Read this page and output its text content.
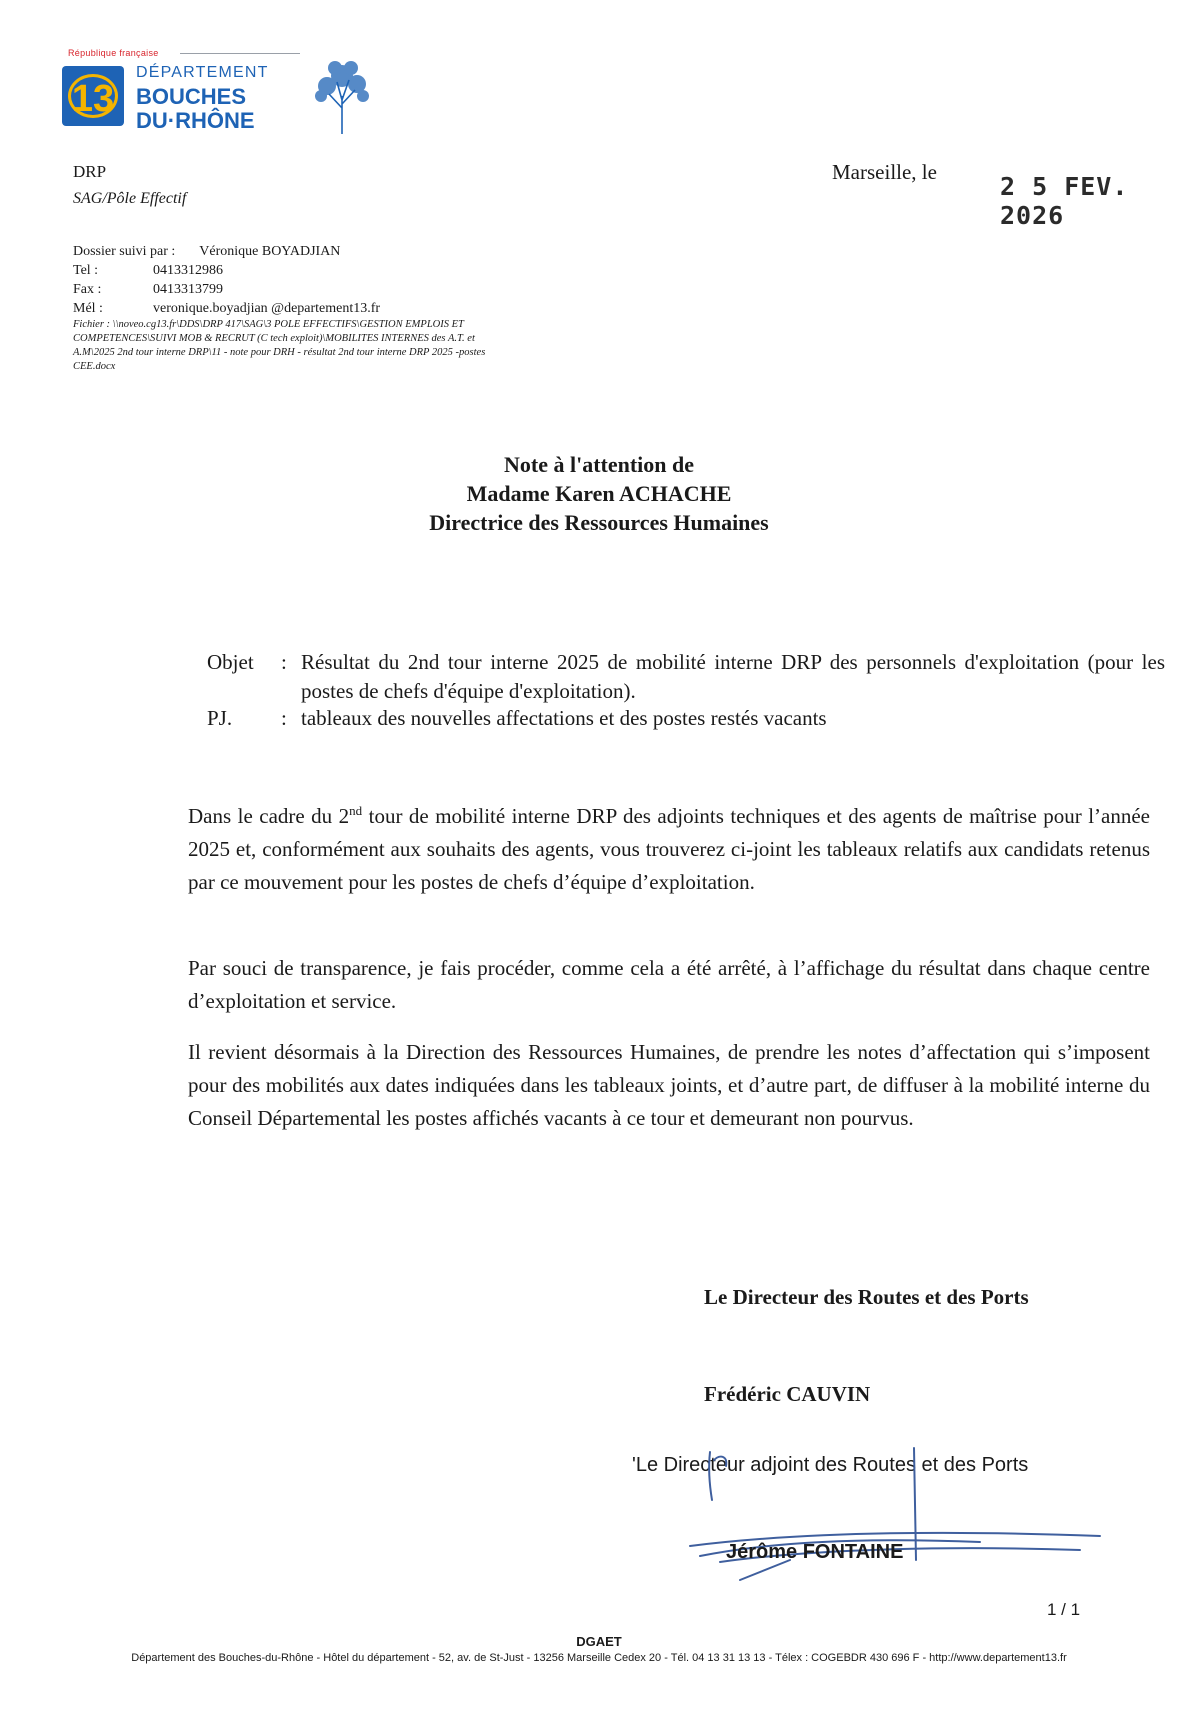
République française
13
DÉPARTEMENT
BOUCHES
DU·RHÔNE
DRP
SAG/Pôle Effectif
Marseille, le	2 5 FEV. 2026
Dossier suivi par : Véronique BOYADJIAN
Tel :	0413312986
Fax :	0413313799
Mél :	veronique.boyadjian @departement13.fr
Fichier : \\noveo.cg13.fr\DDS\DRP 417\SAG\3 POLE EFFECTIFS\GESTION EMPLOIS ET COMPETENCES\SUIVI MOB & RECRUT (C tech exploit)\MOBILITES INTERNES des A.T. et A.M\2025 2nd tour interne DRP\11 - note pour DRH - résultat 2nd tour interne DRP 2025 -postes CEE.docx
Note à l'attention de
Madame Karen ACHACHE
Directrice des Ressources Humaines
Objet : Résultat du 2nd tour interne 2025 de mobilité interne DRP des personnels d'exploitation (pour les postes de chefs d'équipe d'exploitation).
PJ. : tableaux des nouvelles affectations et des postes restés vacants
Dans le cadre du 2nd tour de mobilité interne DRP des adjoints techniques et des agents de maîtrise pour l’année 2025 et, conformément aux souhaits des agents, vous trouverez ci-joint les tableaux relatifs aux candidats retenus par ce mouvement pour les postes de chefs d’équipe d’exploitation.
Par souci de transparence, je fais procéder, comme cela a été arrêté, à l’affichage du résultat dans chaque centre d’exploitation et service.
Il revient désormais à la Direction des Ressources Humaines, de prendre les notes d’affectation qui s’imposent pour des mobilités aux dates indiquées dans les tableaux joints, et d’autre part, de diffuser à la mobilité interne du Conseil Départemental les postes affichés vacants à ce tour et demeurant non pourvus.
Le Directeur des Routes et des Ports
Frédéric CAUVIN
'Le Directeur adjoint des Routes et des Ports
Jérôme FONTAINE
1 / 1
DGAET
Département des Bouches-du-Rhône - Hôtel du département - 52, av. de St-Just - 13256 Marseille Cedex 20 - Tél. 04 13 31 13 13 - Télex : COGEBDR 430 696 F - http://www.departement13.fr
